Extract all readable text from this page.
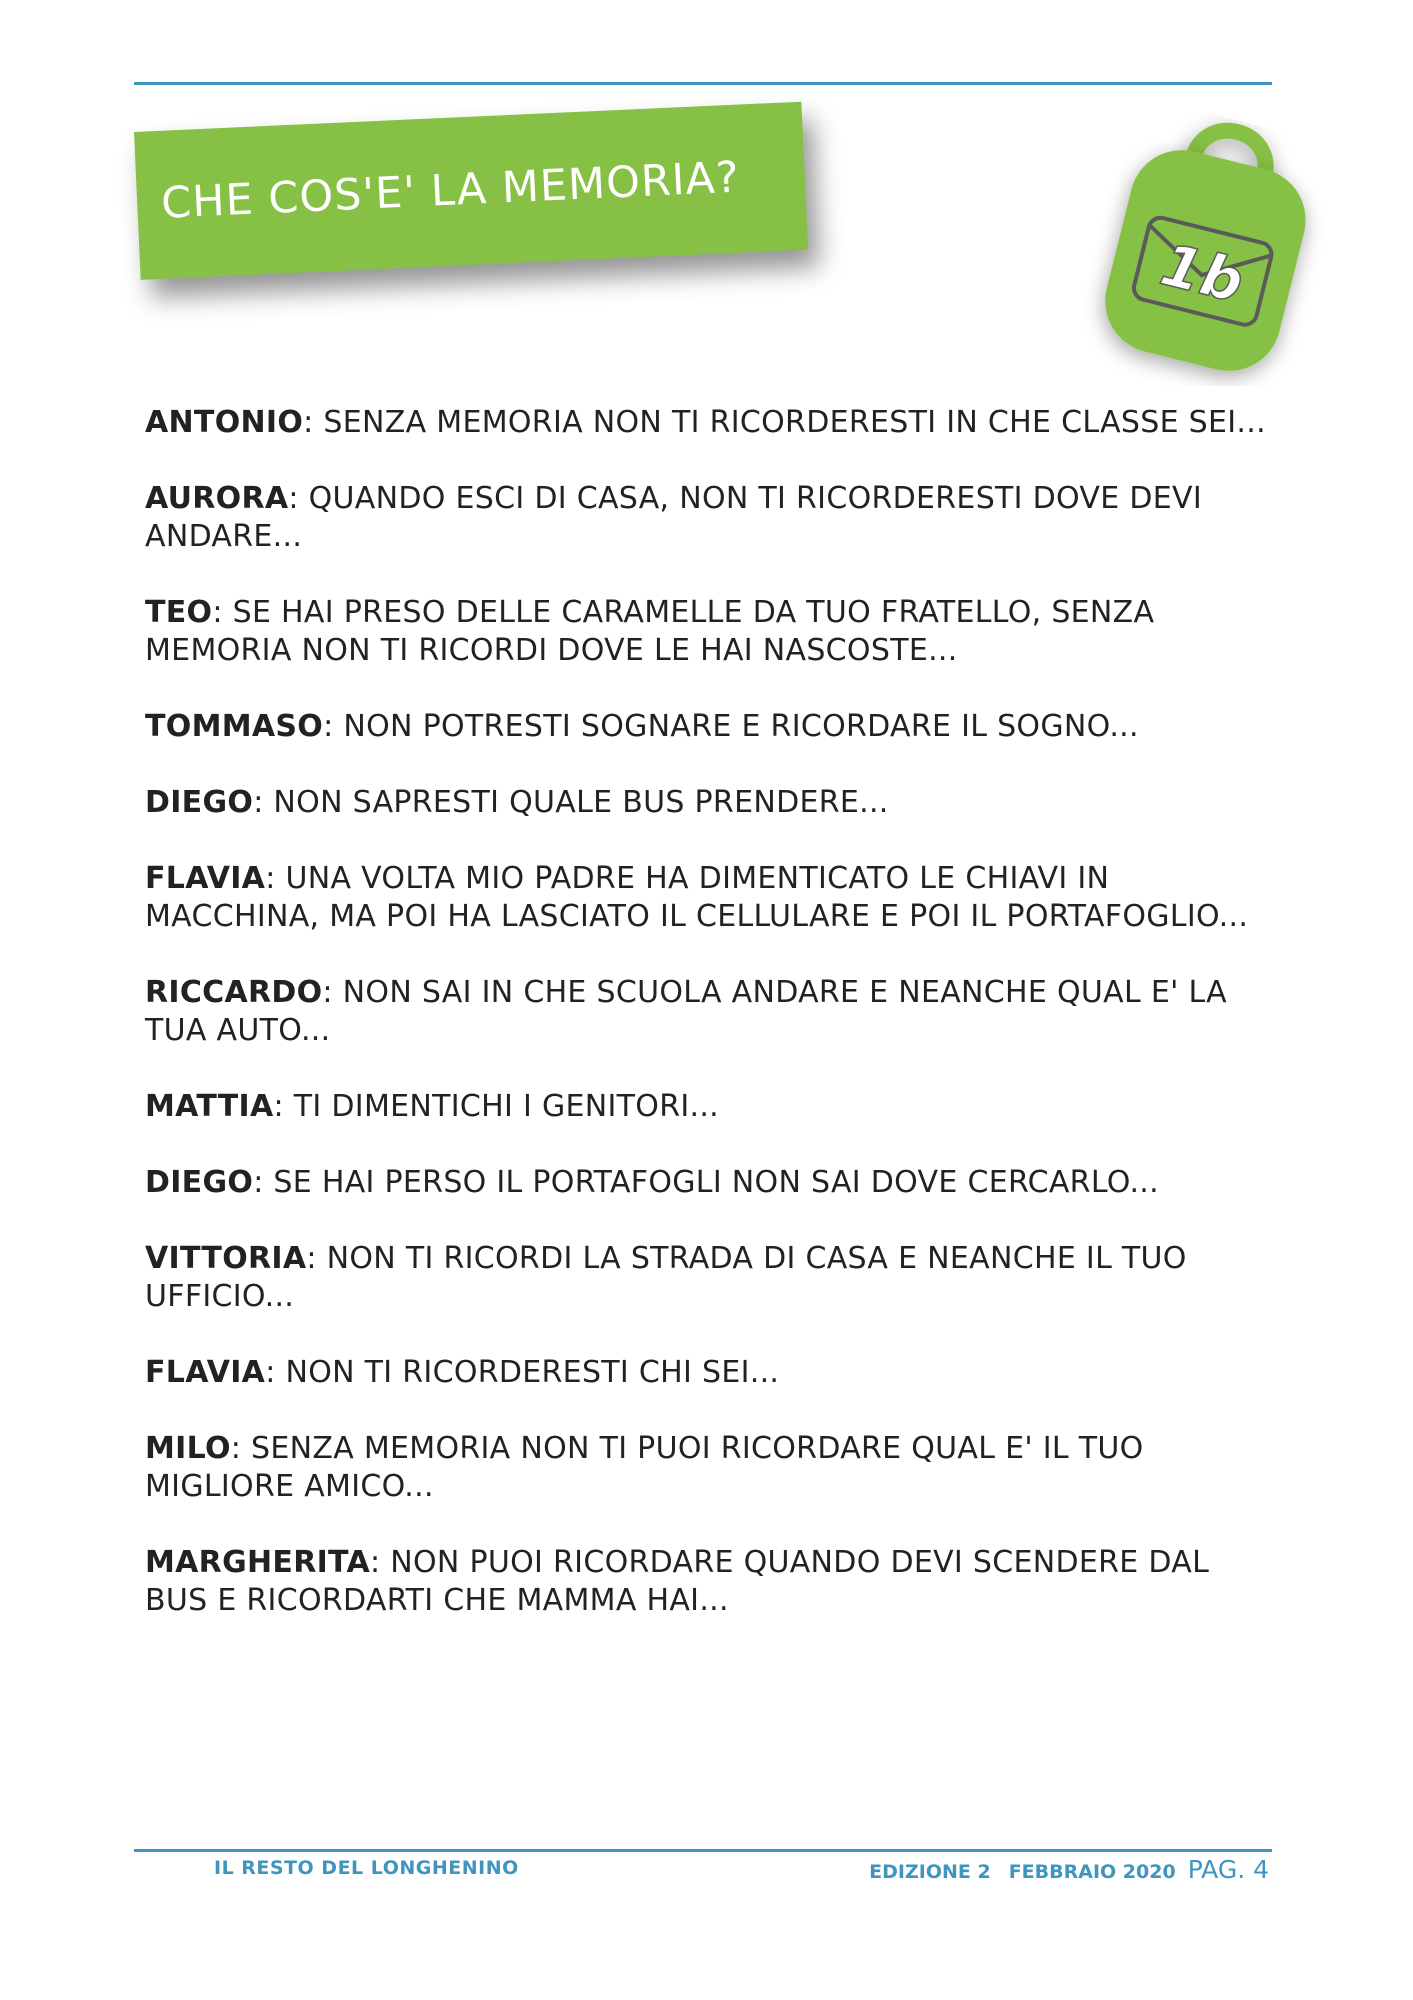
CHE COS'E' LA MEMORIA?
1b

ANTONIO: SENZA MEMORIA NON TI RICORDERESTI IN CHE CLASSE SEI...

AURORA: QUANDO ESCI DI CASA, NON TI RICORDERESTI DOVE DEVI ANDARE...

TEO: SE HAI PRESO DELLE CARAMELLE DA TUO FRATELLO, SENZA MEMORIA NON TI RICORDI DOVE LE HAI NASCOSTE...

TOMMASO: NON POTRESTI SOGNARE E RICORDARE IL SOGNO...

DIEGO: NON SAPRESTI QUALE BUS PRENDERE...

FLAVIA: UNA VOLTA MIO PADRE HA DIMENTICATO LE CHIAVI IN MACCHINA, MA POI HA LASCIATO IL CELLULARE E POI IL PORTAFOGLIO...

RICCARDO: NON SAI IN CHE SCUOLA ANDARE E NEANCHE QUAL E' LA TUA AUTO...

MATTIA: TI DIMENTICHI I GENITORI...

DIEGO: SE HAI PERSO IL PORTAFOGLI NON SAI DOVE CERCARLO...

VITTORIA: NON TI RICORDI LA STRADA DI CASA E NEANCHE IL TUO UFFICIO...

FLAVIA: NON TI RICORDERESTI CHI SEI...

MILO: SENZA MEMORIA NON TI PUOI RICORDARE QUAL E' IL TUO MIGLIORE AMICO...

MARGHERITA: NON PUOI RICORDARE QUANDO DEVI SCENDERE DAL BUS E RICORDARTI CHE MAMMA HAI...

IL RESTO DEL LONGHENINO	EDIZIONE 2 FEBBRAIO 2020 PAG. 4
